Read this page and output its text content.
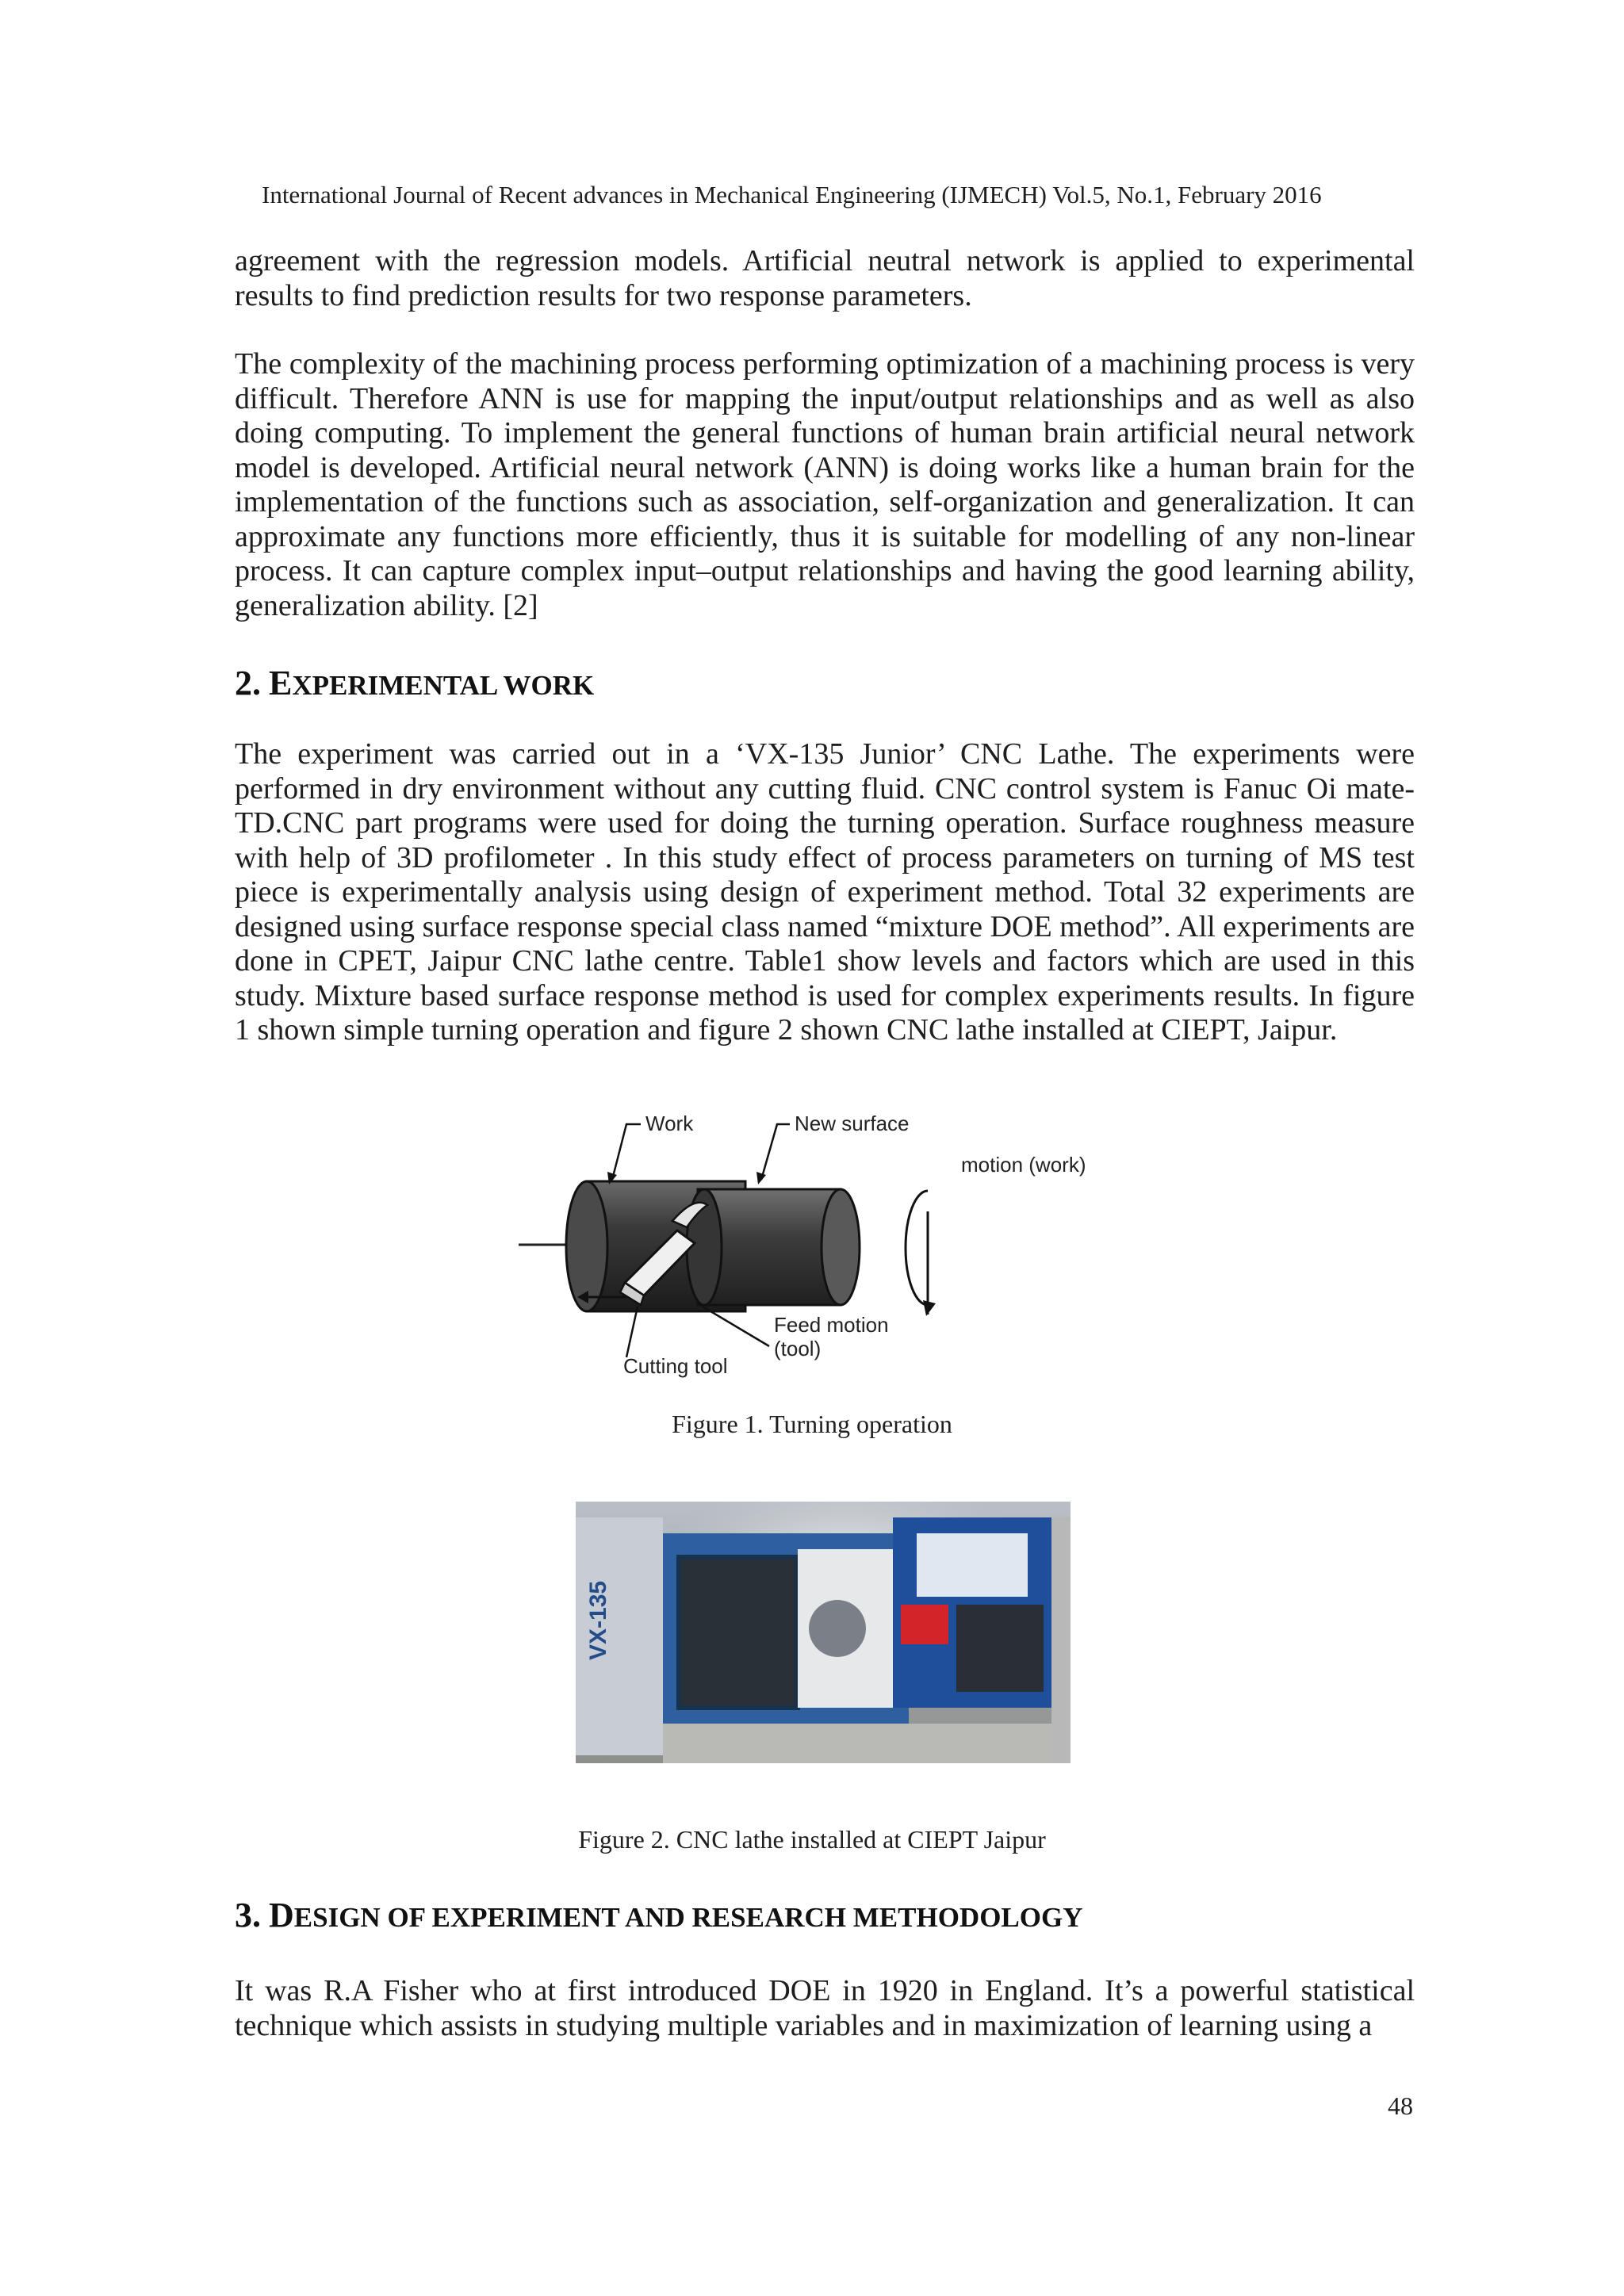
International Journal of Recent advances in Mechanical Engineering (IJMECH) Vol.5, No.1, February 2016

agreement with the regression models. Artificial neutral network is applied to experimental results to find prediction results for two response parameters.

The complexity of the machining process performing optimization of a machining process is very difficult. Therefore ANN is use for mapping the input/output relationships and as well as also doing computing. To implement the general functions of human brain artificial neural network model is developed. Artificial neural network (ANN) is doing works like a human brain for the implementation of the functions such as association, self-organization and generalization. It can approximate any functions more efficiently, thus it is suitable for modelling of any non-linear process. It can capture complex input–output relationships and having the good learning ability, generalization ability. [2]

2. EXPERIMENTAL WORK

The experiment was carried out in a ‘VX-135 Junior’ CNC Lathe. The experiments were performed in dry environment without any cutting fluid. CNC control system is Fanuc Oi mate-TD.CNC part programs were used for doing the turning operation. Surface roughness measure with help of 3D profilometer . In this study effect of process parameters on turning of MS test piece is experimentally analysis using design of experiment method. Total 32 experiments are designed using surface response special class named “mixture DOE method”. All experiments are done in CPET, Jaipur CNC lathe centre. Table1 show levels and factors which are used in this study. Mixture based surface response method is used for complex experiments results. In figure 1 shown simple turning operation and figure 2 shown CNC lathe installed at CIEPT, Jaipur.

Work	New surface
motion (work)
Feed motion
(tool)
Cutting tool
Figure 1. Turning operation
VX-135
Figure 2. CNC lathe installed at CIEPT Jaipur
3. DESIGN OF EXPERIMENT AND RESEARCH METHODOLOGY

It was R.A Fisher who at first introduced DOE in 1920 in England. It’s a powerful statistical technique which assists in studying multiple variables and in maximization of learning using a

48
